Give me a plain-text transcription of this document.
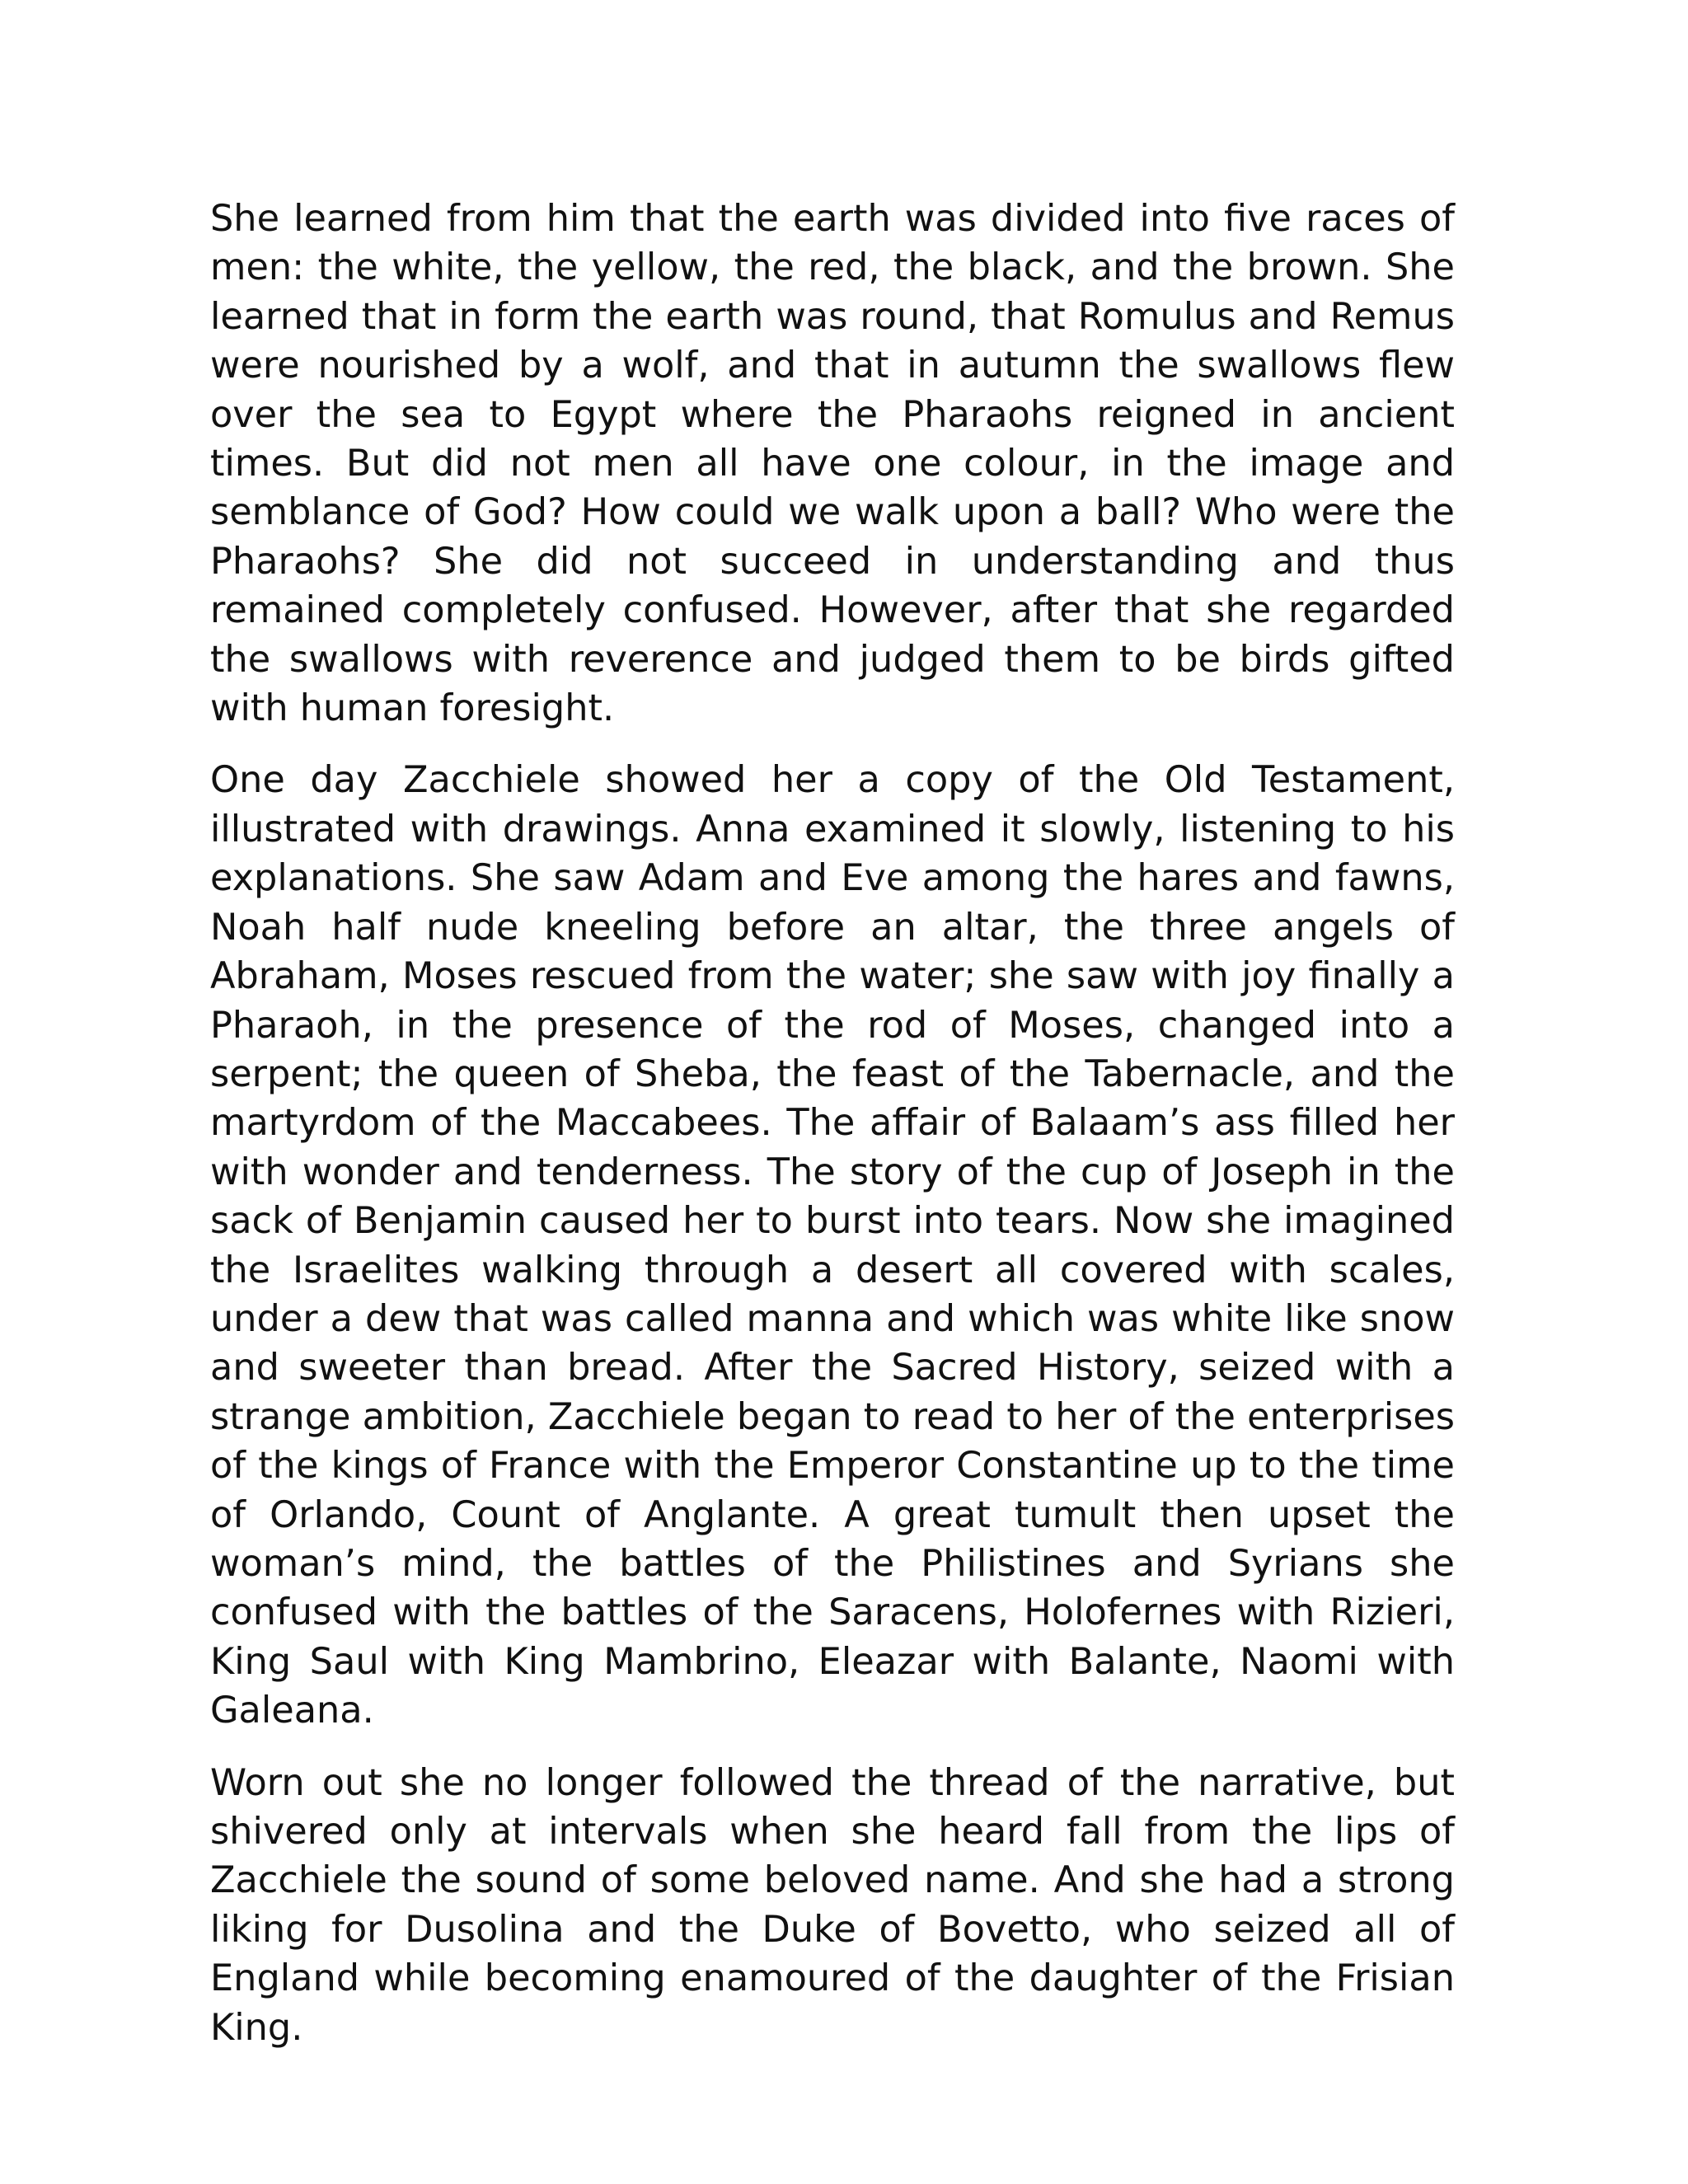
She learned from him that the earth was divided into five races of men: the white, the yellow, the red, the black, and the brown. She learned that in form the earth was round, that Romulus and Remus were nourished by a wolf, and that in autumn the swallows flew over the sea to Egypt where the Pharaohs reigned in ancient times. But did not men all have one colour, in the image and semblance of God? How could we walk upon a ball? Who were the Pharaohs? She did not succeed in understanding and thus remained completely confused. However, after that she regarded the swallows with reverence and judged them to be birds gifted with human foresight.

One day Zacchiele showed her a copy of the Old Testament, illustrated with drawings. Anna examined it slowly, listening to his explanations. She saw Adam and Eve among the hares and fawns, Noah half nude kneeling before an altar, the three angels of Abraham, Moses rescued from the water; she saw with joy finally a Pharaoh, in the presence of the rod of Moses, changed into a serpent; the queen of Sheba, the feast of the Tabernacle, and the martyrdom of the Maccabees. The affair of Balaam’s ass filled her with wonder and tenderness. The story of the cup of Joseph in the sack of Benjamin caused her to burst into tears. Now she imagined the Israelites walking through a desert all covered with scales, under a dew that was called manna and which was white like snow and sweeter than bread. After the Sacred History, seized with a strange ambition, Zacchiele began to read to her of the enterprises of the kings of France with the Emperor Constantine up to the time of Orlando, Count of Anglante. A great tumult then upset the woman’s mind, the battles of the Philistines and Syrians she confused with the battles of the Saracens, Holofernes with Rizieri, King Saul with King Mambrino, Eleazar with Balante, Naomi with Galeana.

Worn out she no longer followed the thread of the narrative, but shivered only at intervals when she heard fall from the lips of Zacchiele the sound of some beloved name. And she had a strong liking for Dusolina and the Duke of Bovetto, who seized all of England while becoming enamoured of the daughter of the Frisian King.
